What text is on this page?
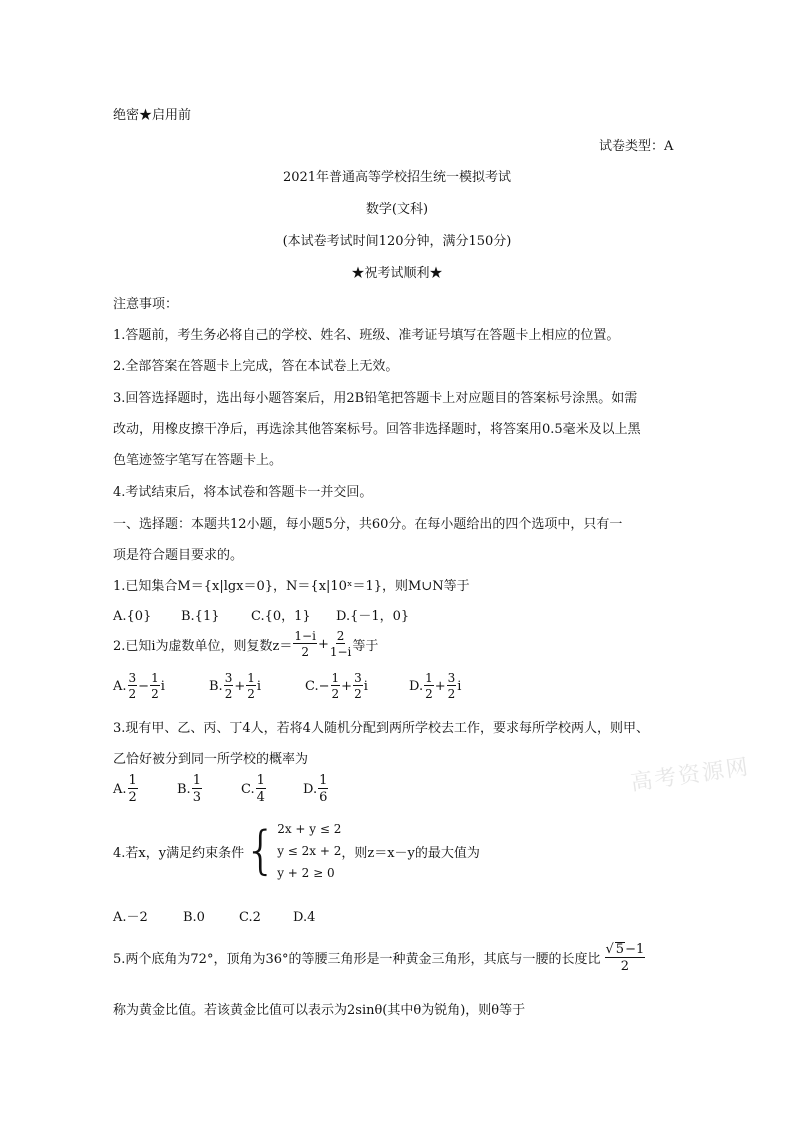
高考资源网
绝密★启用前
试卷类型：A
2021年普通高等学校招生统一模拟考试
数学(文科)
(本试卷考试时间120分钟，满分150分)
★祝考试顺利★
注意事项：
1.答题前，考生务必将自己的学校、姓名、班级、准考证号填写在答题卡上相应的位置。
2.全部答案在答题卡上完成，答在本试卷上无效。
3.回答选择题时，选出每小题答案后，用2B铅笔把答题卡上对应题目的答案标号涂黑。如需
改动，用橡皮擦干净后，再选涂其他答案标号。回答非选择题时，将答案用0.5毫米及以上黑
色笔迹签字笔写在答题卡上。
4.考试结束后，将本试卷和答题卡一并交回。
一、选择题：本题共12小题，每小题5分，共60分。在每小题给出的四个选项中，只有一
项是符合题目要求的。
1.已知集合M＝{x|lgx＝0}，N＝{x|10ˣ＝1}，则M∪N等于
A.{0} B.{1} C.{0，1} D.{－1，0}
2.已知i为虚数单位，则复数$z= \frac{1-i}{2} + \frac{2}{1-i}$ 等于
A. $\frac{3}{2} - \frac{1}{2}$ i	B. $\frac{3}{2} + \frac{1}{2}$ i	$C.- \frac{1}{2} + \frac{3}{2}$ i	D. $\frac{1}{2} + \frac{3}{2}$ i
3.现有甲、乙、丙、丁4人，若将4人随机分配到两所学校去工作，要求每所学校两人，则甲、
乙恰好被分到同一所学校的概率为
A. $\frac{1}{2}$	B. $\frac{1}{3}$	C. $\frac{1}{4}$	D. $\frac{1}{6}$
4.若x，y满足约束条件 { 2x + y ≤ 2
y ≤ 2x + 2
y + 2 ≥ 0
，则z＝x－y的最大值为
A.－2	B.0	C.2 D.4
5.两个底角为72°，顶角为36°的等腰三角形是一种黄金三角形，其底与一腰的长度比 $\frac{√ 5-1}{2}$
称为黄金比值。若该黄金比值可以表示为2sinθ(其中θ为锐角)，则θ等于
